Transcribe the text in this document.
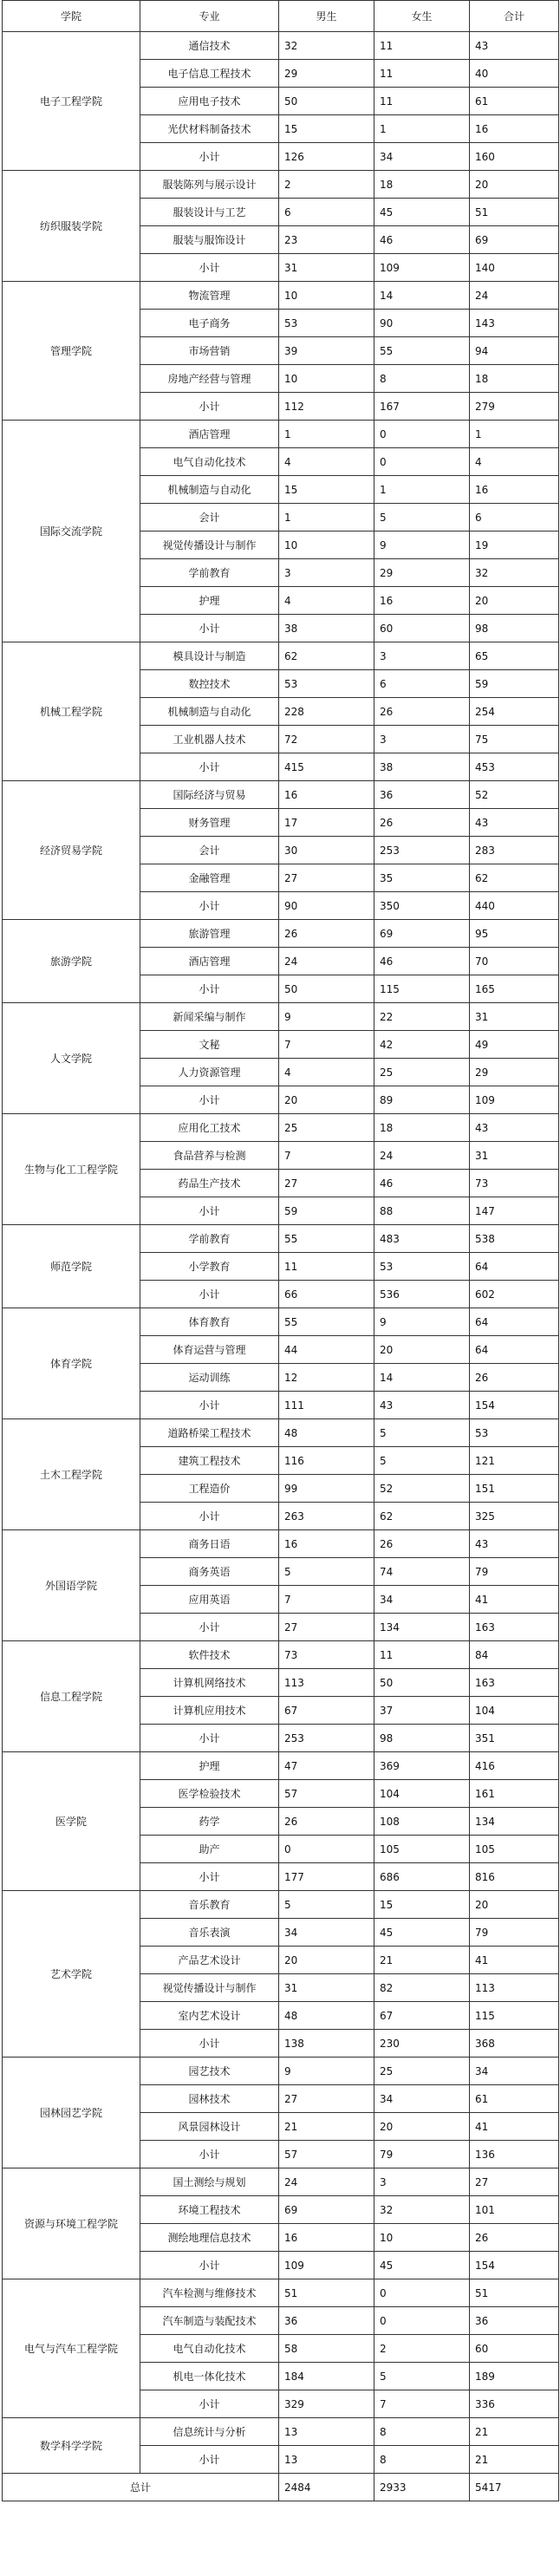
学院	专业	男生	女生	合计
电子工程学院	通信技术	32	11	43
	电子信息工程技术	29	11	40
	应用电子技术	50	11	61
	光伏材料制备技术	15	1	16
	小计	126	34	160
纺织服装学院	服装陈列与展示设计	2	18	20
	服装设计与工艺	6	45	51
	服装与服饰设计	23	46	69
	小计	31	109	140
管理学院	物流管理	10	14	24
	电子商务	53	90	143
	市场营销	39	55	94
	房地产经营与管理	10	8	18
	小计	112	167	279
国际交流学院	酒店管理	1	0	1
	电气自动化技术	4	0	4
	机械制造与自动化	15	1	16
	会计	1	5	6
	视觉传播设计与制作	10	9	19
	学前教育	3	29	32
	护理	4	16	20
	小计	38	60	98
机械工程学院	模具设计与制造	62	3	65
	数控技术	53	6	59
	机械制造与自动化	228	26	254
	工业机器人技术	72	3	75
	小计	415	38	453
经济贸易学院	国际经济与贸易	16	36	52
	财务管理	17	26	43
	会计	30	253	283
	金融管理	27	35	62
	小计	90	350	440
旅游学院	旅游管理	26	69	95
	酒店管理	24	46	70
	小计	50	115	165
人文学院	新闻采编与制作	9	22	31
	文秘	7	42	49
	人力资源管理	4	25	29
	小计	20	89	109
生物与化工工程学院	应用化工技术	25	18	43
	食品营养与检测	7	24	31
	药品生产技术	27	46	73
	小计	59	88	147
师范学院	学前教育	55	483	538
	小学教育	11	53	64
	小计	66	536	602
体育学院	体育教育	55	9	64
	体育运营与管理	44	20	64
	运动训练	12	14	26
	小计	111	43	154
土木工程学院	道路桥梁工程技术	48	5	53
	建筑工程技术	116	5	121
	工程造价	99	52	151
	小计	263	62	325
外国语学院	商务日语	16	26	43
	商务英语	5	74	79
	应用英语	7	34	41
	小计	27	134	163
信息工程学院	软件技术	73	11	84
	计算机网络技术	113	50	163
	计算机应用技术	67	37	104
	小计	253	98	351
医学院	护理	47	369	416
	医学检验技术	57	104	161
	药学	26	108	134
	助产	0	105	105
	小计	177	686	816
艺术学院	音乐教育	5	15	20
	音乐表演	34	45	79
	产品艺术设计	20	21	41
	视觉传播设计与制作	31	82	113
	室内艺术设计	48	67	115
	小计	138	230	368
园林园艺学院	园艺技术	9	25	34
	园林技术	27	34	61
	风景园林设计	21	20	41
	小计	57	79	136
资源与环境工程学院	国土测绘与规划	24	3	27
	环境工程技术	69	32	101
	测绘地理信息技术	16	10	26
	小计	109	45	154
电气与汽车工程学院	汽车检测与维修技术	51	0	51
	汽车制造与装配技术	36	0	36
	电气自动化技术	58	2	60
	机电一体化技术	184	5	189
	小计	329	7	336
数学科学学院	信息统计与分析	13	8	21
	小计	13	8	21
总计		2484	2933	5417
